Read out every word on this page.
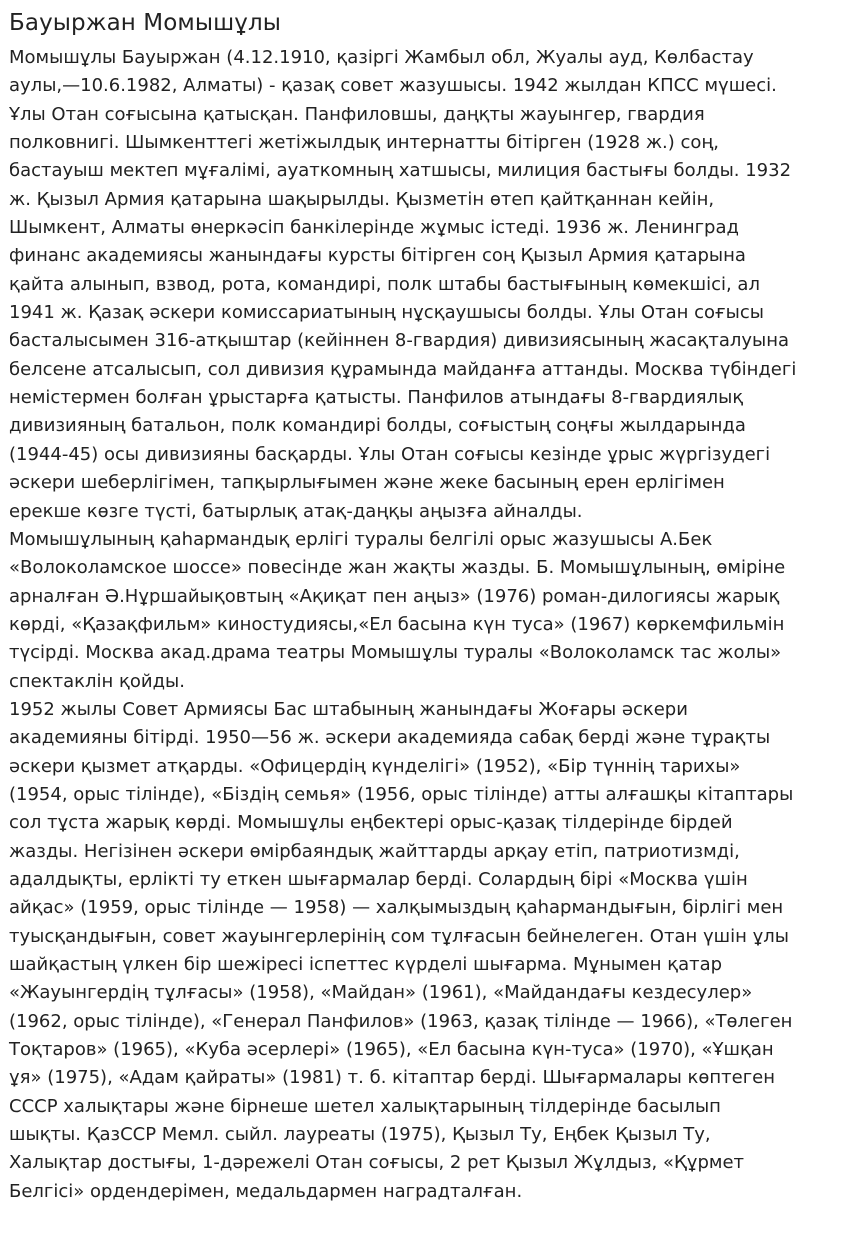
Бауыржан Момышұлы

Момышұлы Бауыржан (4.12.1910, қазіргі Жамбыл обл, Жуалы ауд, Көлбастау
аулы,—10.6.1982, Алматы) - қазақ совет жазушысы. 1942 жылдан КПСС мүшесі.
Ұлы Отан соғысына қатысқан. Панфиловшы, даңқты жауынгер, гвардия
полковнигі. Шымкенттегі жетіжылдық интернатты бітірген (1928 ж.) соң,
бастауыш мектеп мұғалімі, ауаткомның хатшысы, милиция бастығы болды. 1932
ж. Қызыл Армия қатарына шақырылды. Қызметін өтеп қайтқаннан кейін,
Шымкент, Алматы өнеркәсіп банкілерінде жұмыс істеді. 1936 ж. Ленинград
финанс академиясы жанындағы курсты бітірген соң Қызыл Армия қатарына
қайта алынып, взвод, рота, командирі, полк штабы бастығының көмекшісі, ал
1941 ж. Қазақ әскери комиссариатының нұсқаушысы болды. Ұлы Отан соғысы
басталысымен 316-атқыштар (кейіннен 8-гвардия) дивизиясының жасақталуына
белсене атсалысып, сол дивизия құрамында майданға аттанды. Москва түбіндегі
немістермен болған ұрыстарға қатысты. Панфилов атындағы 8-гвардиялық
дивизияның батальон, полк командирі болды, соғыстың соңғы жылдарында
(1944-45) осы дивизияны басқарды. Ұлы Отан соғысы кезінде ұрыс жүргізудегі
әскери шеберлігімен, тапқырлығымен және жеке басының ерен ерлігімен
ерекше көзге түсті, батырлық атақ-даңқы аңызға айналды.

Момышұлының қаһармандық ерлігі туралы белгілі орыс жазушысы А.Бек
«Волоколамское шоссе» повесінде жан жақты жазды. Б. Момышұлының, өміріне
арналған Ә.Нұршайықовтың «Ақиқат пен аңыз» (1976) роман-дилогиясы жарық
көрді, «Қазақфильм» киностудиясы,«Ел басына күн туса» (1967) көркемфильмін
түсірді. Москва акад.драма театры Момышұлы туралы «Волоколамск тас жолы»
спектаклін қойды.

1952 жылы Совет Армиясы Бас штабының жанындағы Жоғары әскери
академияны бітірді. 1950—56 ж. әскери академияда сабақ берді және тұрақты
әскери қызмет атқарды. «Офицердің күнделігі» (1952), «Бір түннің тарихы»
(1954, орыс тілінде), «Біздің семья» (1956, орыс тілінде) атты алғашқы кітаптары
сол тұста жарық көрді. Момышұлы еңбектері орыс-қазақ тілдерінде бірдей
жазды. Негізінен әскери өмірбаяндық жайттарды арқау етіп, патриотизмді,
адалдықты, ерлікті ту еткен шығармалар берді. Солардың бірі «Москва үшін
айқас» (1959, орыс тілінде — 1958) — халқымыздың қаһармандығын, бірлігі мен
туысқандығын, совет жауынгерлерінің сом тұлғасын бейнелеген. Отан үшін ұлы
шайқастың үлкен бір шежіресі іспеттес күрделі шығарма. Мұнымен қатар
«Жауынгердің тұлғасы» (1958), «Майдан» (1961), «Майдандағы кездесулер»
(1962, орыс тілінде), «Генерал Панфилов» (1963, қазақ тілінде — 1966), «Төлеген
Тоқтаров» (1965), «Куба әсерлері» (1965), «Ел басына күн-туса» (1970), «Ұшқан
ұя» (1975), «Адам қайраты» (1981) т. б. кітаптар берді. Шығармалары көптеген
СССР халықтары және бірнеше шетел халықтарының тілдерінде басылып
шықты. ҚазССР Мемл. сыйл. лауреаты (1975), Қызыл Ту, Еңбек Қызыл Ту,
Халықтар достығы, 1-дәрежелі Отан соғысы, 2 рет Қызыл Жұлдыз, «Құрмет
Белгісі» ордендерімен, медальдармен наградталған.
